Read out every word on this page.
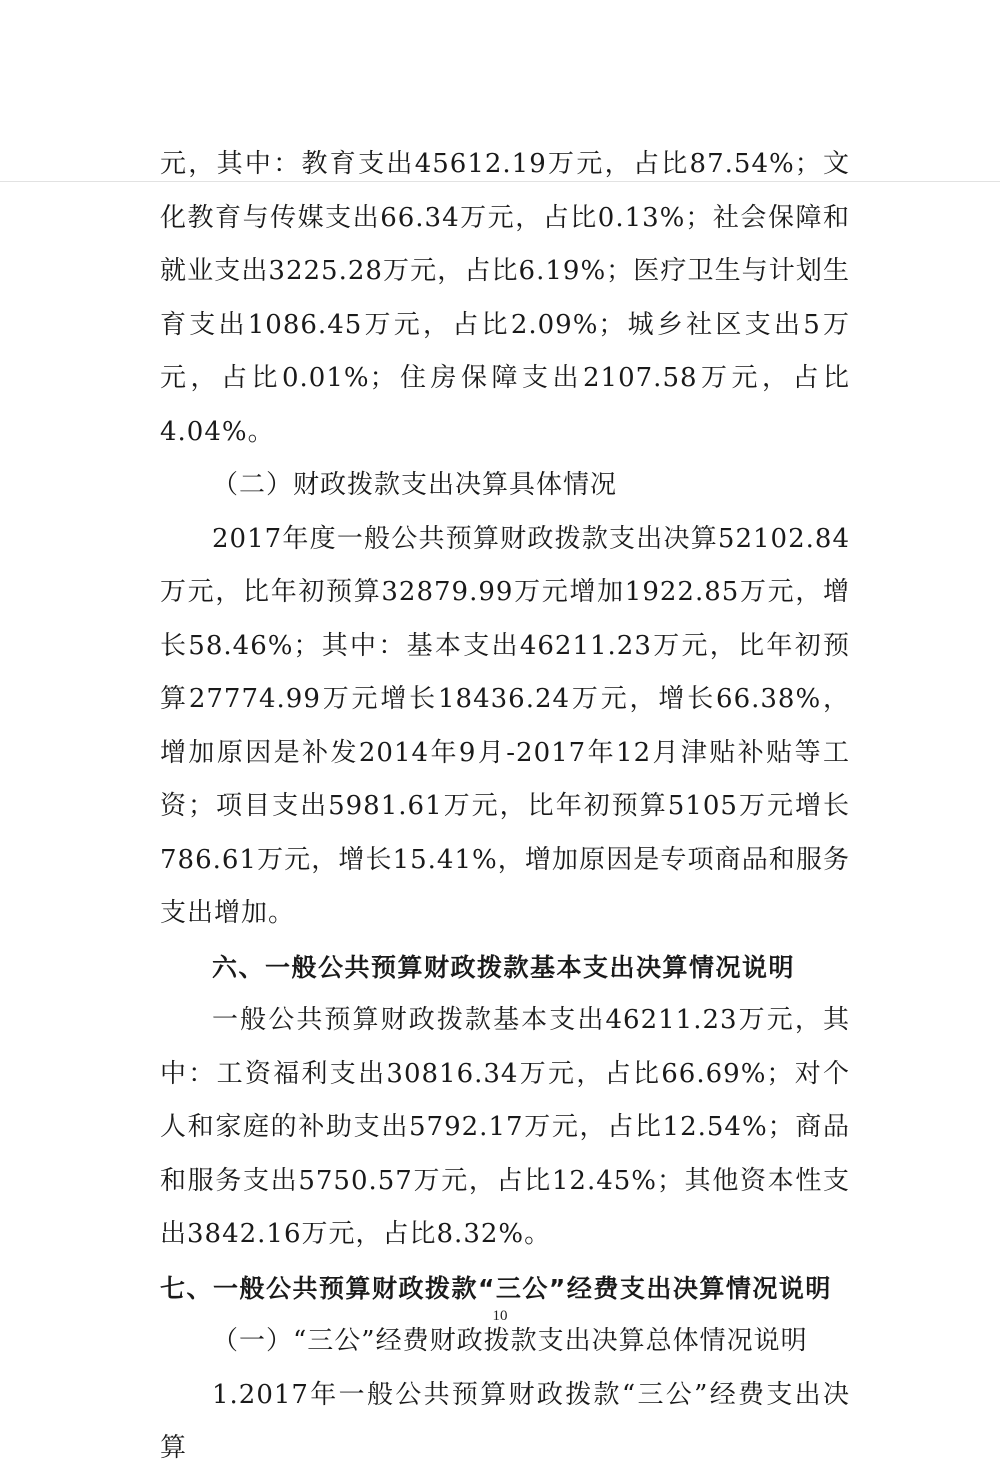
元，其中：教育支出45612.19万元，占比87.54%；文化教育与传媒支出66.34万元，占比0.13%；社会保障和就业支出3225.28万元，占比6.19%；医疗卫生与计划生育支出1086.45万元，占比2.09%；城乡社区支出5万元，占比0.01%；住房保障支出2107.58万元，占比4.04%。

（二）财政拨款支出决算具体情况

2017年度一般公共预算财政拨款支出决算52102.84万元，比年初预算32879.99万元增加1922.85万元，增长58.46%；其中：基本支出46211.23万元，比年初预算27774.99万元增长18436.24万元，增长66.38%，增加原因是补发2014年9月-2017年12月津贴补贴等工资；项目支出5981.61万元，比年初预算5105万元增长786.61万元，增长15.41%，增加原因是专项商品和服务支出增加。

六、一般公共预算财政拨款基本支出决算情况说明

一般公共预算财政拨款基本支出46211.23万元，其中：工资福利支出30816.34万元，占比66.69%；对个人和家庭的补助支出5792.17万元，占比12.54%；商品和服务支出5750.57万元，占比12.45%；其他资本性支出3842.16万元，占比8.32%。

七、一般公共预算财政拨款“三公”经费支出决算情况说明

（一）“三公”经费财政拨款支出决算总体情况说明

1.2017年一般公共预算财政拨款“三公”经费支出决算

10
